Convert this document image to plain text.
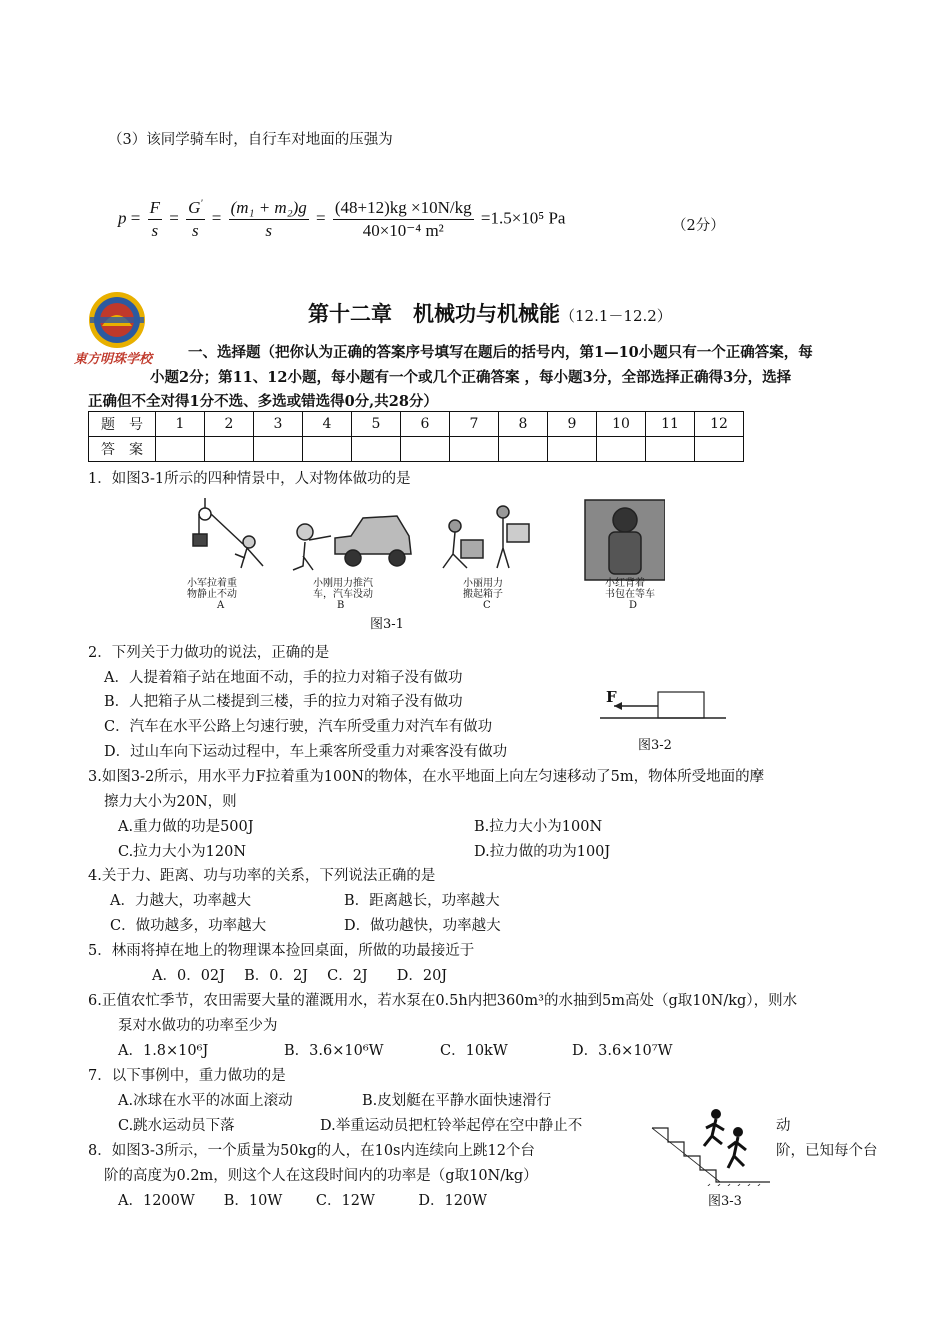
（3）该同学骑车时，自行车对地面的压强为
$p = \frac{F}{s} = \frac{G'}{s} = \frac{\text{(m₁ + m₂)g}}{s} = \frac{(48+12)kg \times 10N/kg}{\text{40×10⁻⁴ m²}} =1.5\times 10^5$ Pa	（2分）
東方明珠学校
第十二章　机械功与机械能（12.1－12.2）
一、选择题（把你认为正确的答案序号填写在题后的括号内，第1—10小题只有一个正确答案，每
小题2分；第11、12小题，每小题有一个或几个正确答案 ，每小题3分，全部选择正确得3分，选择
正确但不全对得1分不选、多选或错选得0分,共28分）
题　号	1	2	3	4	5	6	7	8	9	10	11	12
答　案												
1．如图3-1所示的四种情景中，人对物体做功的是
小军拉着重
物静止不动
A
小刚用力推汽
车，汽车没动
B
小丽用力
搬起箱子
C
小红背着
书包在等车
D
图3-1
2．下列关于力做功的说法，正确的是
A．人提着箱子站在地面不动，手的拉力对箱子没有做功
B．人把箱子从二楼提到三楼，手的拉力对箱子没有做功
C．汽车在水平公路上匀速行驶，汽车所受重力对汽车有做功
D．过山车向下运动过程中，车上乘客所受重力对乘客没有做功
F
图3-2
3.如图3-2所示，用水平力F拉着重为100N的物体，在水平地面上向左匀速移动了5m，物体所受地面的摩
擦力大小为20N，则
A.重力做的功是500J	B.拉力大小为100N
C.拉力大小为120N	D.拉力做的功为100J
4.关于力、距离、功与功率的关系，下列说法正确的是
A．力越大，功率越大	B．距离越长，功率越大
C．做功越多，功率越大	D．做功越快，功率越大
5．林雨将掉在地上的物理课本捡回桌面，所做的功最接近于
A．0．02J　 B．0．2J　 C．2J　　D．20J
6.正值农忙季节，农田需要大量的灌溉用水，若水泵在0.5h内把360m³的水抽到5m高处（g取10N/kg），则水
泵对水做功的功率至少为
A．1.8×10⁶J	B．3.6×10⁶W	C．10kW	D．3.6×10⁷W
7．以下事例中，重力做功的是
A.冰球在水平的冰面上滚动	B.皮划艇在平静水面快速滑行
C.跳水运动员下落	D.举重运动员把杠铃举起停在空中静止不	动
8．如图3-3所示，一个质量为50kg的人，在10s内连续向上跳12个台	阶，已知每个台
阶的高度为0.2m，则这个人在这段时间内的功率是（g取10N/kg）
A．1200W　　B．10W　　 C．12W　　　D．120W	图3-3
